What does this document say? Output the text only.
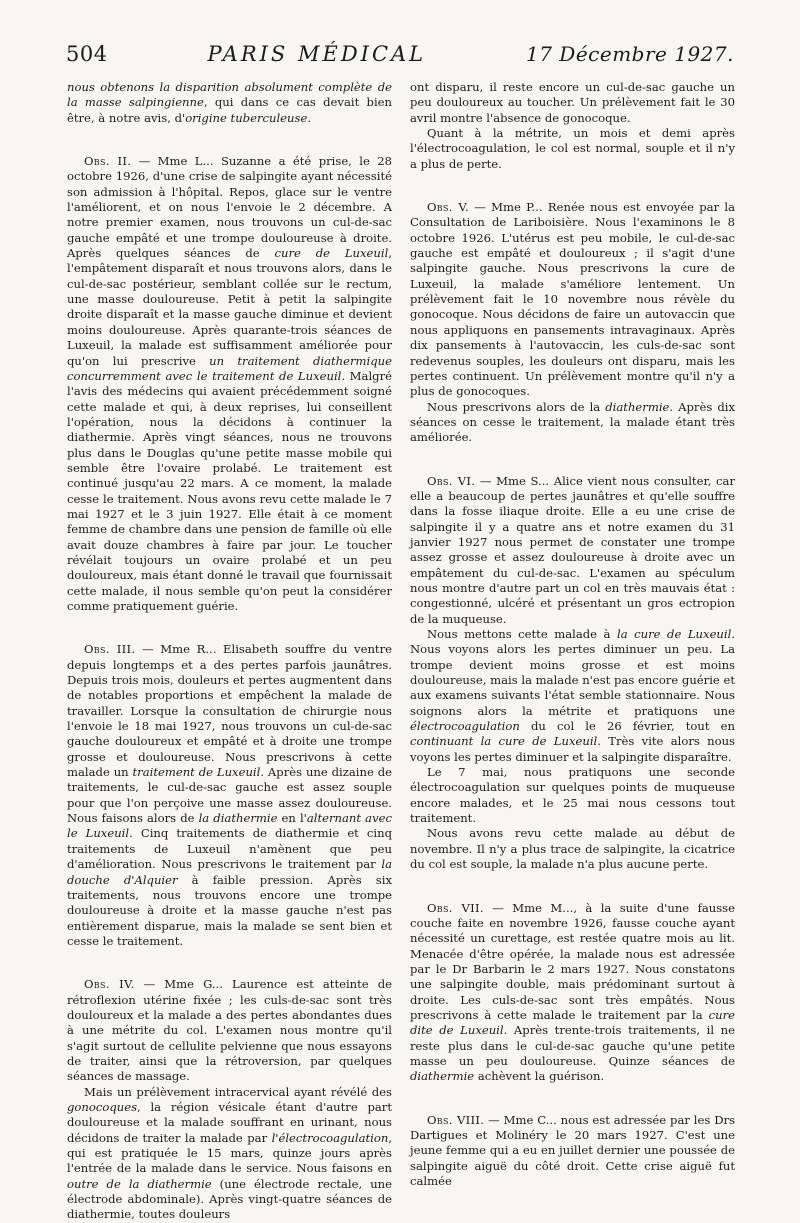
504	PARIS MÉDICAL	17 Décembre 1927.

nous obtenons la disparition absolument complète de la masse salpingienne, qui dans ce cas devait bien être, à notre avis, d'origine tuberculeuse.

Obs. II. — Mme L... Suzanne a été prise, le 28 octobre 1926, d'une crise de salpingite ayant nécessité son admission à l'hôpital. Repos, glace sur le ventre l'améliorent, et on nous l'envoie le 2 décembre. A notre premier examen, nous trouvons un cul-de-sac gauche empâté et une trompe douloureuse à droite. Après quelques séances de cure de Luxeuil, l'empâtement disparaît et nous trouvons alors, dans le cul-de-sac postérieur, semblant collée sur le rectum, une masse douloureuse. Petit à petit la salpingite droite disparaît et la masse gauche diminue et devient moins douloureuse. Après quarante-trois séances de Luxeuil, la malade est suffisamment améliorée pour qu'on lui prescrive un traitement diathermique concurremment avec le traitement de Luxeuil. Malgré l'avis des médecins qui avaient précédemment soigné cette malade et qui, à deux reprises, lui conseillent l'opération, nous la décidons à continuer la diathermie. Après vingt séances, nous ne trouvons plus dans le Douglas qu'une petite masse mobile qui semble être l'ovaire prolabé. Le traitement est continué jusqu'au 22 mars. A ce moment, la malade cesse le traitement. Nous avons revu cette malade le 7 mai 1927 et le 3 juin 1927. Elle était à ce moment femme de chambre dans une pension de famille où elle avait douze chambres à faire par jour. Le toucher révélait toujours un ovaire prolabé et un peu douloureux, mais étant donné le travail que fournissait cette malade, il nous semble qu'on peut la considérer comme pratiquement guérie.

Obs. III. — Mme R... Elisabeth souffre du ventre depuis longtemps et a des pertes parfois jaunâtres. Depuis trois mois, douleurs et pertes augmentent dans de notables proportions et empêchent la malade de travailler. Lorsque la consultation de chirurgie nous l'envoie le 18 mai 1927, nous trouvons un cul-de-sac gauche douloureux et empâté et à droite une trompe grosse et douloureuse. Nous prescrivons à cette malade un traitement de Luxeuil. Après une dizaine de traitements, le cul-de-sac gauche est assez souple pour que l'on perçoive une masse assez douloureuse. Nous faisons alors de la diathermie en l'alternant avec le Luxeuil. Cinq traitements de diathermie et cinq traitements de Luxeuil n'amènent que peu d'amélioration. Nous prescrivons le traitement par la douche d'Alquier à faible pression. Après six traitements, nous trouvons encore une trompe douloureuse à droite et la masse gauche n'est pas entièrement disparue, mais la malade se sent bien et cesse le traitement.

Obs. IV. — Mme G... Laurence est atteinte de rétroflexion utérine fixée ; les culs-de-sac sont très douloureux et la malade a des pertes abondantes dues à une métrite du col. L'examen nous montre qu'il s'agit surtout de cellulite pelvienne que nous essayons de traiter, ainsi que la rétroversion, par quelques séances de massage.

Mais un prélèvement intracervical ayant révélé des gonocoques, la région vésicale étant d'autre part douloureuse et la malade souffrant en urinant, nous décidons de traiter la malade par l'électrocoagulation, qui est pratiquée le 15 mars, quinze jours après l'entrée de la malade dans le service. Nous faisons en outre de la diathermie (une électrode rectale, une électrode abdominale). Après vingt-quatre séances de diathermie, toutes douleurs

ont disparu, il reste encore un cul-de-sac gauche un peu douloureux au toucher. Un prélèvement fait le 30 avril montre l'absence de gonocoque.

Quant à la métrite, un mois et demi après l'électrocoagulation, le col est normal, souple et il n'y a plus de perte.

Obs. V. — Mme P... Renée nous est envoyée par la Consultation de Lariboisière. Nous l'examinons le 8 octobre 1926. L'utérus est peu mobile, le cul-de-sac gauche est empâté et douloureux ; il s'agit d'une salpingite gauche. Nous prescrivons la cure de Luxeuil, la malade s'améliore lentement. Un prélèvement fait le 10 novembre nous révèle du gonocoque. Nous décidons de faire un autovaccin que nous appliquons en pansements intravaginaux. Après dix pansements à l'autovaccin, les culs-de-sac sont redevenus souples, les douleurs ont disparu, mais les pertes continuent. Un prélèvement montre qu'il n'y a plus de gonocoques.

Nous prescrivons alors de la diathermie. Après dix séances on cesse le traitement, la malade étant très améliorée.

Obs. VI. — Mme S... Alice vient nous consulter, car elle a beaucoup de pertes jaunâtres et qu'elle souffre dans la fosse iliaque droite. Elle a eu une crise de salpingite il y a quatre ans et notre examen du 31 janvier 1927 nous permet de constater une trompe assez grosse et assez douloureuse à droite avec un empâtement du cul-de-sac. L'examen au spéculum nous montre d'autre part un col en très mauvais état : congestionné, ulcéré et présentant un gros ectropion de la muqueuse.

Nous mettons cette malade à la cure de Luxeuil. Nous voyons alors les pertes diminuer un peu. La trompe devient moins grosse et est moins douloureuse, mais la malade n'est pas encore guérie et aux examens suivants l'état semble stationnaire. Nous soignons alors la métrite et pratiquons une électrocoagulation du col le 26 février, tout en continuant la cure de Luxeuil. Très vite alors nous voyons les pertes diminuer et la salpingite disparaître.

Le 7 mai, nous pratiquons une seconde électrocoagulation sur quelques points de muqueuse encore malades, et le 25 mai nous cessons tout traitement.

Nous avons revu cette malade au début de novembre. Il n'y a plus trace de salpingite, la cicatrice du col est souple, la malade n'a plus aucune perte.

Obs. VII. — Mme M..., à la suite d'une fausse couche faite en novembre 1926, fausse couche ayant nécessité un curettage, est restée quatre mois au lit. Menacée d'être opérée, la malade nous est adressée par le Dr Barbarin le 2 mars 1927. Nous constatons une salpingite double, mais prédominant surtout à droite. Les culs-de-sac sont très empâtés. Nous prescrivons à cette malade le traitement par la cure dite de Luxeuil. Après trente-trois traitements, il ne reste plus dans le cul-de-sac gauche qu'une petite masse un peu douloureuse. Quinze séances de diathermie achèvent la guérison.

Obs. VIII. — Mme C... nous est adressée par les Drs Dartigues et Molinéry le 20 mars 1927. C'est une jeune femme qui a eu en juillet dernier une poussée de salpingite aiguë du côté droit. Cette crise aiguë fut calmée
